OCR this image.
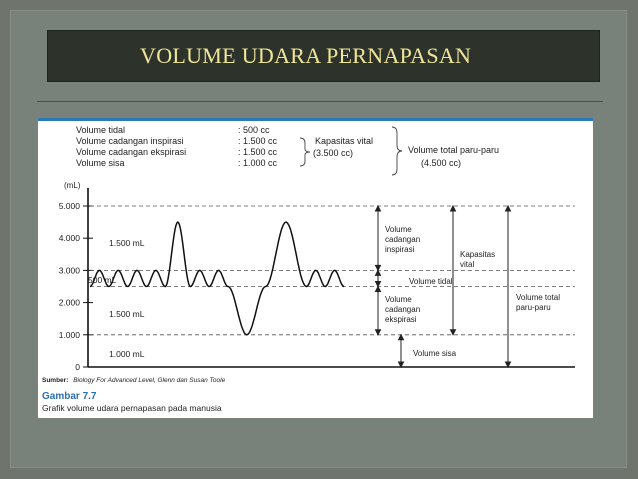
VOLUME UDARA PERNAPASAN
Volume tidal
Volume cadangan inspirasi
Volume cadangan ekspirasi
Volume sisa
: 500 cc
: 1.500 cc
: 1.500 cc
: 1.000 cc
Kapasitas vital
(3.500 cc)	Volume total paru-paru
(4.500 cc)
(mL)
0
1.000
2.000
3.000
4.000
5.000
1.500 mL
500 mL
1.500 mL
1.000 mL
Volume
cadangan
inspirasi
Volume tidal
Volume
cadangan
ekspirasi
Volume sisa
Kapasitas
vital
Volume total
paru-paru
Sumber: Biology For Advanced Level, Glenn dan Susan Toole
Gambar 7.7
Grafik volume udara pernapasan pada manusia
